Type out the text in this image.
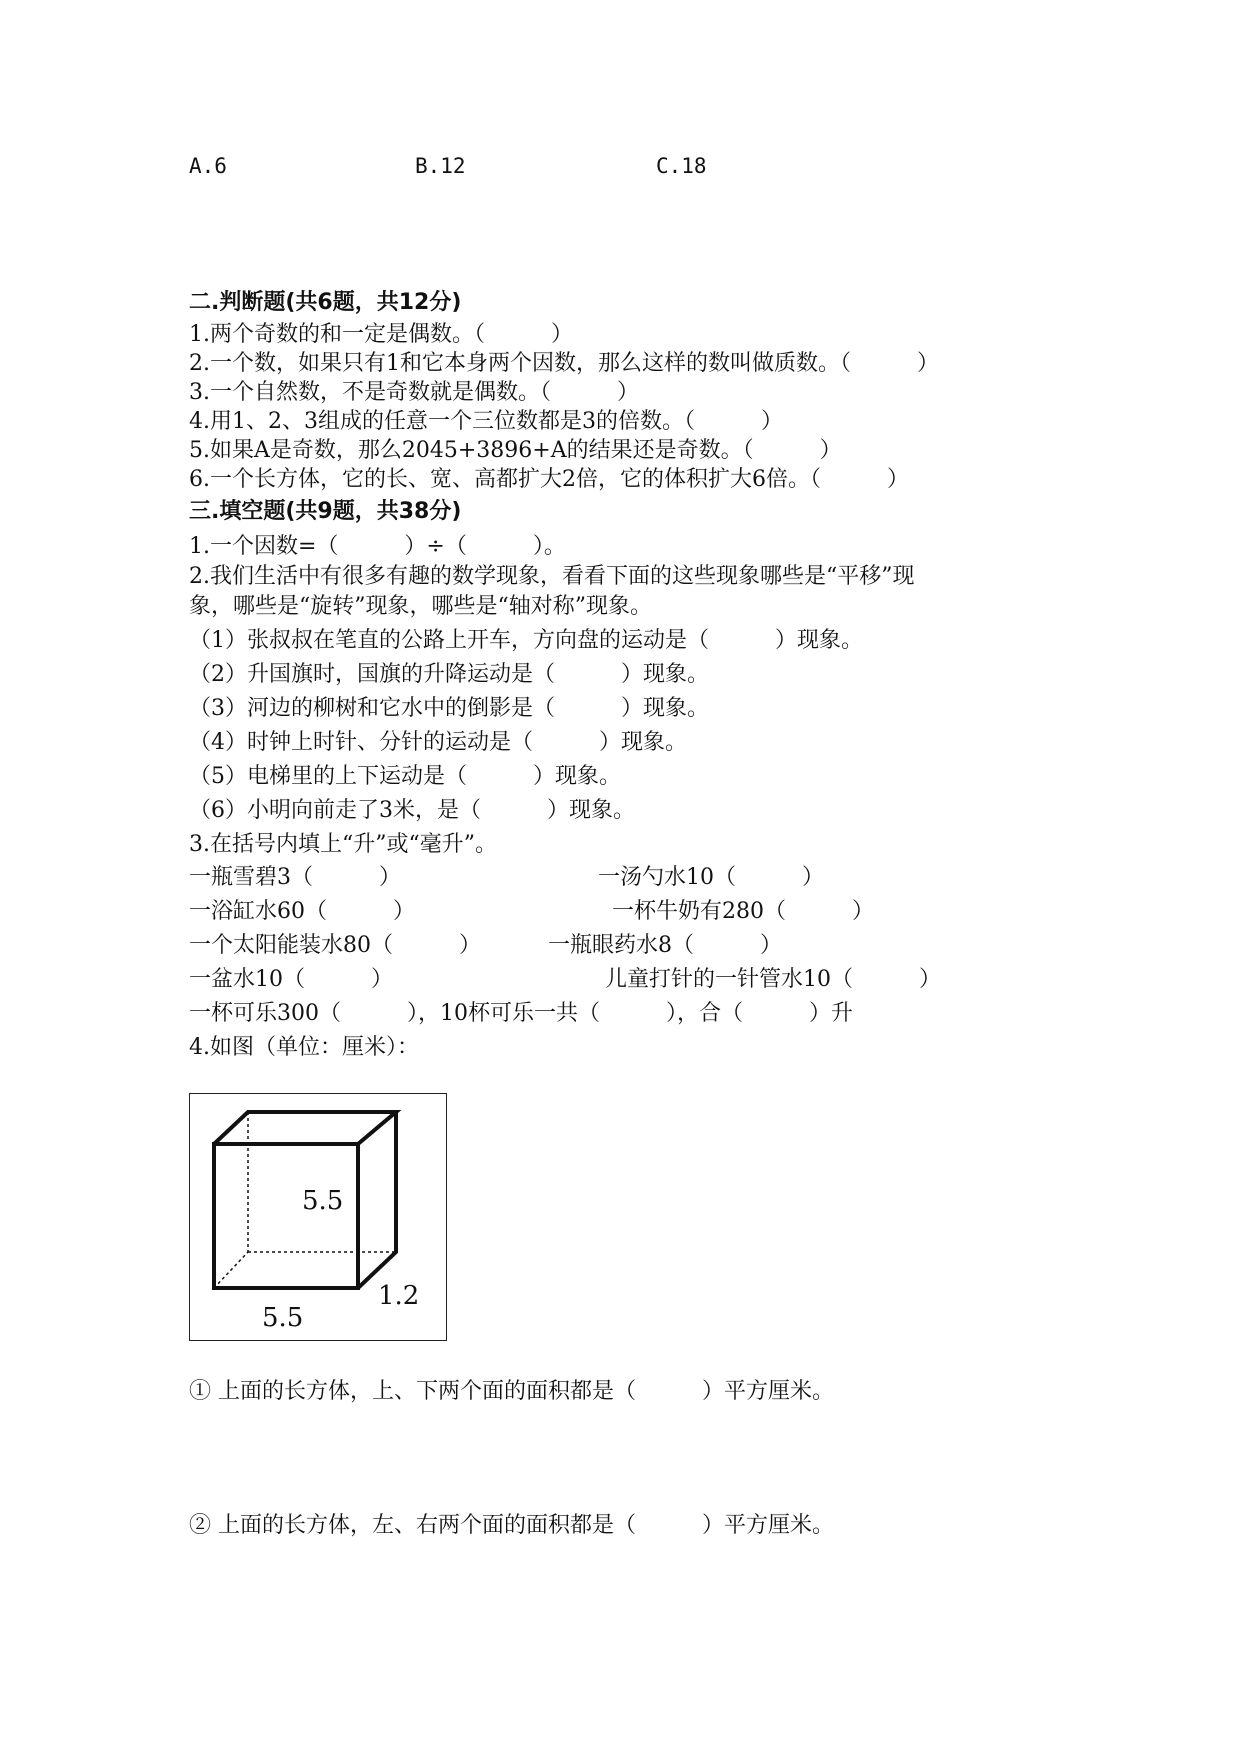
A.6	B.12	C.18
二.判断题(共6题，共12分)
1.两个奇数的和一定是偶数。（　　　）
2.一个数，如果只有1和它本身两个因数，那么这样的数叫做质数。（　　　）
3.一个自然数，不是奇数就是偶数。（　　　）
4.用1、2、3组成的任意一个三位数都是3的倍数。（　　　）
5.如果A是奇数，那么2045+3896+A的结果还是奇数。（　　　）
6.一个长方体，它的长、宽、高都扩大2倍，它的体积扩大6倍。（　　　）
三.填空题(共9题，共38分)
1.一个因数=（　　　）÷（　　　）。
2.我们生活中有很多有趣的数学现象，看看下面的这些现象哪些是“平移”现
象，哪些是“旋转”现象，哪些是“轴对称”现象。
（1）张叔叔在笔直的公路上开车，方向盘的运动是（　　　）现象。
（2）升国旗时，国旗的升降运动是（　　　）现象。
（3）河边的柳树和它水中的倒影是（　　　）现象。
（4）时钟上时针、分针的运动是（　　　）现象。
（5）电梯里的上下运动是（　　　）现象。
（6）小明向前走了3米，是（　　　）现象。
3.在括号内填上“升”或“毫升”。
一瓶雪碧3（　　　）	一汤勺水10（　　　）
一浴缸水60（　　　）	一杯牛奶有280（　　　）
一个太阳能装水80（　　　）	一瓶眼药水8（　　　）
一盆水10（　　　）	儿童打针的一针管水10（　　　）
一杯可乐300（　　　），10杯可乐一共（　　　），合（　　　）升
4.如图（单位：厘米）：
5.5
5.5
1.2
① 上面的长方体，上、下两个面的面积都是（　　　）平方厘米。
② 上面的长方体，左、右两个面的面积都是（　　　）平方厘米。
